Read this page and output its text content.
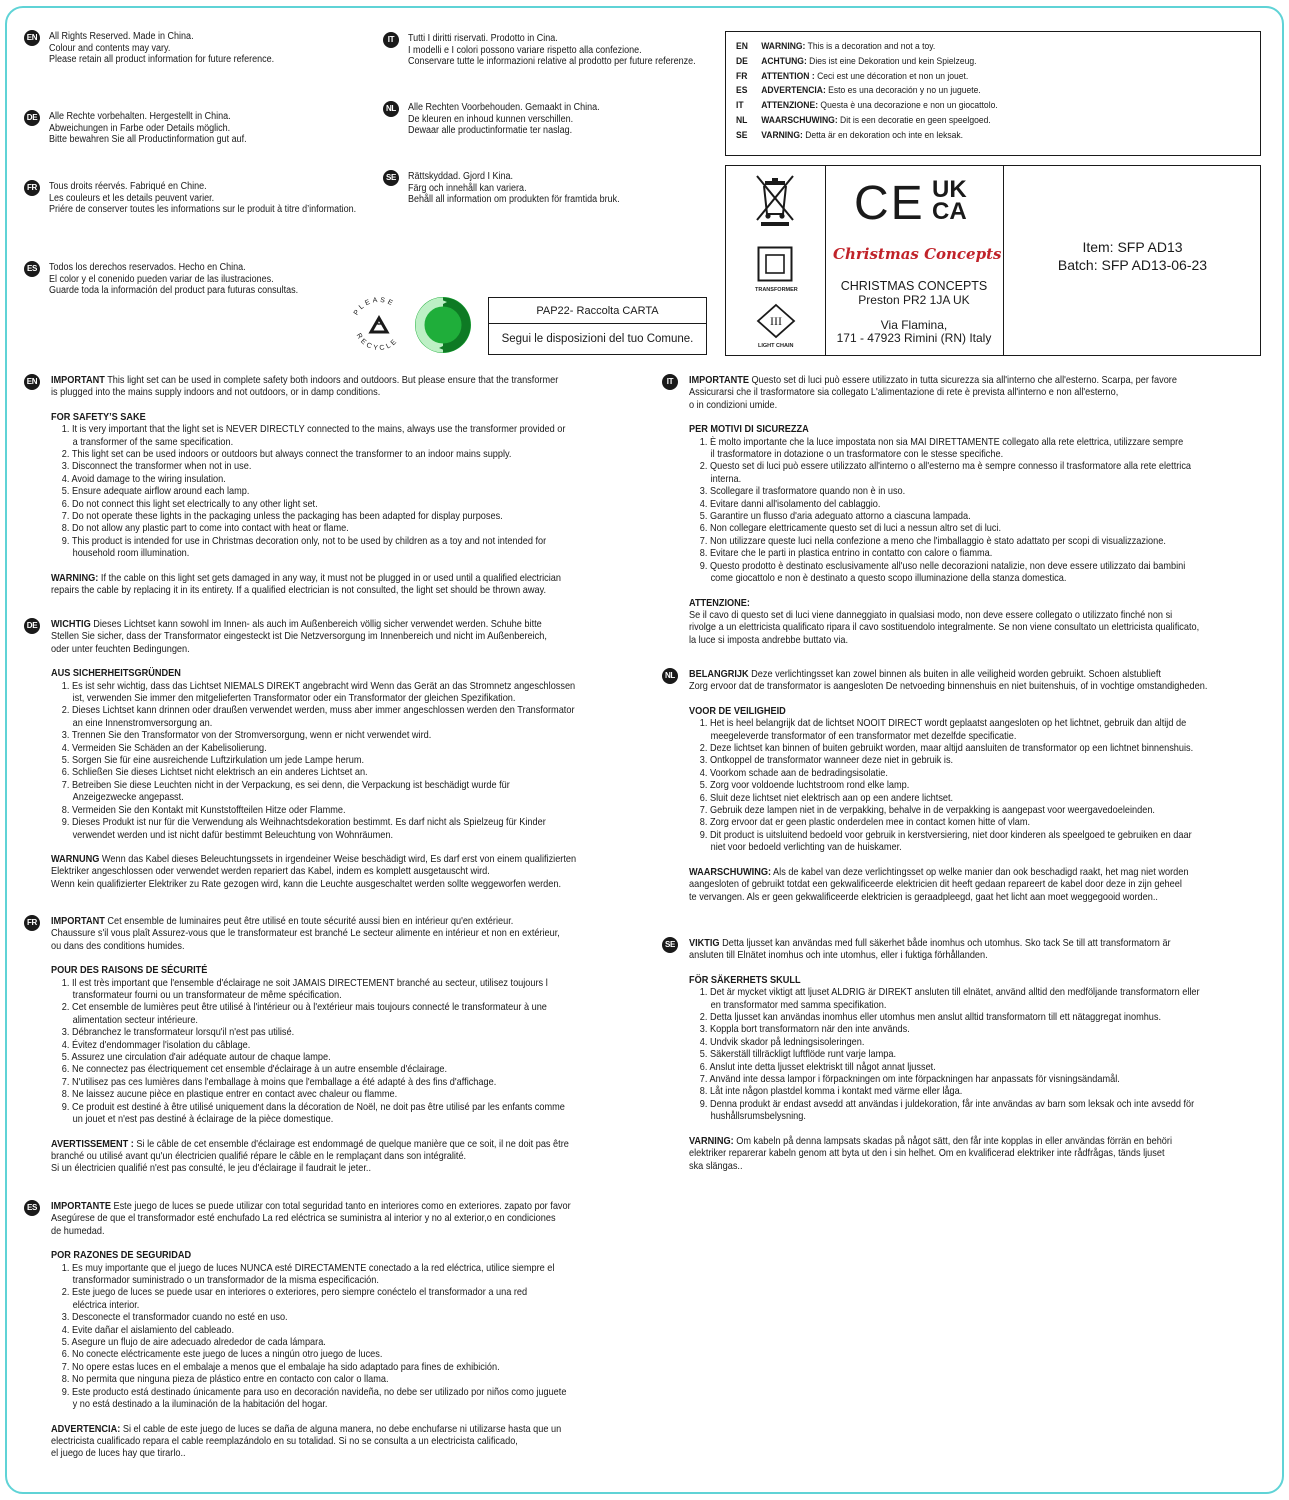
EN All Rights Reserved. Made in China.
Colour and contents may vary.
Please retain all product information for future reference.
DE Alle Rechte vorbehalten. Hergestellt in China.
Abweichungen in Farbe oder Details möglich.
Bitte bewahren Sie all Productinformation gut auf.
FR Tous droits réervés. Fabriqué en Chine.
Les couleurs et les details peuvent varier.
Priére de conserver toutes les informations sur le produit à titre d’information.
ES Todos los derechos reservados. Hecho en China.
El color y el conenido pueden variar de las ilustraciones.
Guarde toda la información del product para futuras consultas.
IT	Tutti I diritti riservati. Prodotto in Cina.
I modelli e I colori possono variare rispetto alla confezione.
Conservare tutte le informazioni relative al prodotto per future referenze.
NL Alle Rechten Voorbehouden. Gemaakt in China.
De kleuren en inhoud kunnen verschillen.
Dewaar alle productinformatie ter naslag.
SE Rättskyddad. Gjord I Kina.
Färg och innehåll kan variera.
Behåll all information om produkten för framtida bruk.
EN WARNING: This is a decoration and not a toy.
DE ACHTUNG: Dies ist eine Dekoration und kein Spielzeug.
FR ATTENTION : Ceci est une décoration et non un jouet.
ES ADVERTENCIA: Esto es una decoración y no un juguete.
IT ATTENZIONE: Questa è una decorazione e non un giocattolo.
NL WAARSCHUWING: Dit is een decoratie en geen speelgoed.
SE VARNING: Detta är en dekoration och inte en leksak.
♻
PLEASE
RECYCLE
PAP22- Raccolta CARTA
Segui le disposizioni del tuo Comune.
TRANSFORMER
III
LIGHT CHAIN
CE UK
CA
Christmas Concepts
CHRISTMAS CONCEPTS
Preston PR2 1JA UK
Via Flamina,
171 - 47923 Rimini (RN) Italy
Item: SFP AD13
Batch: SFP AD13-06-23
EN IMPORTANT This light set can be used in complete safety both indoors and outdoors. But please ensure that the transformer
is plugged into the mains supply indoors and not outdoors, or in damp conditions.
FOR SAFETY’S SAKE
1. It is very important that the light set is NEVER DIRECTLY connected to the mains, always use the transformer provided or
a transformer of the same specification.
2. This light set can be used indoors or outdoors but always connect the transformer to an indoor mains supply.
3. Disconnect the transformer when not in use.
4. Avoid damage to the wiring insulation.
5. Ensure adequate airflow around each lamp.
6. Do not connect this light set electrically to any other light set.
7. Do not operate these lights in the packaging unless the packaging has been adapted for display purposes.
8. Do not allow any plastic part to come into contact with heat or flame.
9. This product is intended for use in Christmas decoration only, not to be used by children as a toy and not intended for
household room illumination.
WARNING: If the cable on this light set gets damaged in any way, it must not be plugged in or used until a qualified electrician
repairs the cable by replacing it in its entirety. If a qualified electrician is not consulted, the light set should be thrown away.
DE WICHTIG Dieses Lichtset kann sowohl im Innen- als auch im Außenbereich völlig sicher verwendet werden. Schuhe bitte
Stellen Sie sicher, dass der Transformator eingesteckt ist Die Netzversorgung im Innenbereich und nicht im Außenbereich,
oder unter feuchten Bedingungen.
AUS SICHERHEITSGRÜNDEN
1. Es ist sehr wichtig, dass das Lichtset NIEMALS DIREKT angebracht wird Wenn das Gerät an das Stromnetz angeschlossen
ist, verwenden Sie immer den mitgelieferten Transformator oder ein Transformator der gleichen Spezifikation.
2. Dieses Lichtset kann drinnen oder draußen verwendet werden, muss aber immer angeschlossen werden den Transformator
an eine Innenstromversorgung an.
3. Trennen Sie den Transformator von der Stromversorgung, wenn er nicht verwendet wird.
4. Vermeiden Sie Schäden an der Kabelisolierung.
5. Sorgen Sie für eine ausreichende Luftzirkulation um jede Lampe herum.
6. Schließen Sie dieses Lichtset nicht elektrisch an ein anderes Lichtset an.
7. Betreiben Sie diese Leuchten nicht in der Verpackung, es sei denn, die Verpackung ist beschädigt wurde für
Anzeigezwecke angepasst.
8. Vermeiden Sie den Kontakt mit Kunststoffteilen Hitze oder Flamme.
9. Dieses Produkt ist nur für die Verwendung als Weihnachtsdekoration bestimmt. Es darf nicht als Spielzeug für Kinder
verwendet werden und ist nicht dafür bestimmt Beleuchtung von Wohnräumen.
WARNUNG Wenn das Kabel dieses Beleuchtungssets in irgendeiner Weise beschädigt wird, Es darf erst von einem qualifizierten
Elektriker angeschlossen oder verwendet werden repariert das Kabel, indem es komplett ausgetauscht wird.
Wenn kein qualifizierter Elektriker zu Rate gezogen wird, kann die Leuchte ausgeschaltet werden sollte weggeworfen werden.
FR IMPORTANT Cet ensemble de luminaires peut être utilisé en toute sécurité aussi bien en intérieur qu'en extérieur.
Chaussure s'il vous plaît Assurez-vous que le transformateur est branché Le secteur alimente en intérieur et non en extérieur,
ou dans des conditions humides.
POUR DES RAISONS DE SÉCURITÉ
1. Il est très important que l'ensemble d'éclairage ne soit JAMAIS DIRECTEMENT branché au secteur, utilisez toujours l
transformateur fourni ou un transformateur de même spécification.
2. Cet ensemble de lumières peut être utilisé à l'intérieur ou à l'extérieur mais toujours connecté le transformateur à une
alimentation secteur intérieure.
3. Débranchez le transformateur lorsqu'il n'est pas utilisé.
4. Évitez d'endommager l'isolation du câblage.
5. Assurez une circulation d'air adéquate autour de chaque lampe.
6. Ne connectez pas électriquement cet ensemble d'éclairage à un autre ensemble d'éclairage.
7. N'utilisez pas ces lumières dans l'emballage à moins que l'emballage a été adapté à des fins d'affichage.
8. Ne laissez aucune pièce en plastique entrer en contact avec chaleur ou flamme.
9. Ce produit est destiné à être utilisé uniquement dans la décoration de Noël, ne doit pas être utilisé par les enfants comme
un jouet et n'est pas destiné à éclairage de la pièce domestique.
AVERTISSEMENT : Si le câble de cet ensemble d'éclairage est endommagé de quelque manière que ce soit, il ne doit pas être
branché ou utilisé avant qu'un électricien qualifié répare le câble en le remplaçant dans son intégralité.
Si un électricien qualifié n'est pas consulté, le jeu d'éclairage il faudrait le jeter..
ES IMPORTANTE Este juego de luces se puede utilizar con total seguridad tanto en interiores como en exteriores. zapato por favor
Asegúrese de que el transformador esté enchufado La red eléctrica se suministra al interior y no al exterior,o en condiciones
de humedad.
POR RAZONES DE SEGURIDAD
1. Es muy importante que el juego de luces NUNCA esté DIRECTAMENTE conectado a la red eléctrica, utilice siempre el
transformador suministrado o un transformador de la misma especificación.
2. Este juego de luces se puede usar en interiores o exteriores, pero siempre conéctelo el transformador a una red
eléctrica interior.
3. Desconecte el transformador cuando no esté en uso.
4. Evite dañar el aislamiento del cableado.
5. Asegure un flujo de aire adecuado alrededor de cada lámpara.
6. No conecte eléctricamente este juego de luces a ningún otro juego de luces.
7. No opere estas luces en el embalaje a menos que el embalaje ha sido adaptado para fines de exhibición.
8. No permita que ninguna pieza de plástico entre en contacto con calor o llama.
9. Este producto está destinado únicamente para uso en decoración navideña, no debe ser utilizado por niños como juguete
y no está destinado a la iluminación de la habitación del hogar.
ADVERTENCIA: Si el cable de este juego de luces se daña de alguna manera, no debe enchufarse ni utilizarse hasta que un
electricista cualificado repara el cable reemplazándolo en su totalidad. Si no se consulta a un electricista calificado,
el juego de luces hay que tirarlo..
IT	IMPORTANTE Questo set di luci può essere utilizzato in tutta sicurezza sia all'interno che all'esterno. Scarpa, per favore
Assicurarsi che il trasformatore sia collegato L'alimentazione di rete è prevista all'interno e non all'esterno,
o in condizioni umide.
PER MOTIVI DI SICUREZZA
1. È molto importante che la luce impostata non sia MAI DIRETTAMENTE collegato alla rete elettrica, utilizzare sempre
il trasformatore in dotazione o un trasformatore con le stesse specifiche.
2. Questo set di luci può essere utilizzato all'interno o all'esterno ma è sempre connesso il trasformatore alla rete elettrica
interna.
3. Scollegare il trasformatore quando non è in uso.
4. Evitare danni all'isolamento del cablaggio.
5. Garantire un flusso d'aria adeguato attorno a ciascuna lampada.
6. Non collegare elettricamente questo set di luci a nessun altro set di luci.
7. Non utilizzare queste luci nella confezione a meno che l'imballaggio è stato adattato per scopi di visualizzazione.
8. Evitare che le parti in plastica entrino in contatto con calore o fiamma.
9. Questo prodotto è destinato esclusivamente all'uso nelle decorazioni natalizie, non deve essere utilizzato dai bambini
come giocattolo e non è destinato a questo scopo illuminazione della stanza domestica.
ATTENZIONE:
Se il cavo di questo set di luci viene danneggiato in qualsiasi modo, non deve essere collegato o utilizzato finché non si
rivolge a un elettricista qualificato ripara il cavo sostituendolo integralmente. Se non viene consultato un elettricista qualificato,
la luce si imposta andrebbe buttato via.
NL BELANGRIJK Deze verlichtingsset kan zowel binnen als buiten in alle veiligheid worden gebruikt. Schoen alstublieft
Zorg ervoor dat de transformator is aangesloten De netvoeding binnenshuis en niet buitenshuis, of in vochtige omstandigheden.
VOOR DE VEILIGHEID
1. Het is heel belangrijk dat de lichtset NOOIT DIRECT wordt geplaatst aangesloten op het lichtnet, gebruik dan altijd de
meegeleverde transformator of een transformator met dezelfde specificatie.
2. Deze lichtset kan binnen of buiten gebruikt worden, maar altijd aansluiten de transformator op een lichtnet binnenshuis.
3. Ontkoppel de transformator wanneer deze niet in gebruik is.
4. Voorkom schade aan de bedradingsisolatie.
5. Zorg voor voldoende luchtstroom rond elke lamp.
6. Sluit deze lichtset niet elektrisch aan op een andere lichtset.
7. Gebruik deze lampen niet in de verpakking, behalve in de verpakking is aangepast voor weergavedoeleinden.
8. Zorg ervoor dat er geen plastic onderdelen mee in contact komen hitte of vlam.
9. Dit product is uitsluitend bedoeld voor gebruik in kerstversiering, niet door kinderen als speelgoed te gebruiken en daar
niet voor bedoeld verlichting van de huiskamer.
WAARSCHUWING: Als de kabel van deze verlichtingsset op welke manier dan ook beschadigd raakt, het mag niet worden
aangesloten of gebruikt totdat een gekwalificeerde elektricien dit heeft gedaan repareert de kabel door deze in zijn geheel
te vervangen. Als er geen gekwalificeerde elektricien is geraadpleegd, gaat het licht aan moet weggegooid worden..
SE VIKTIG Detta ljusset kan användas med full säkerhet både inomhus och utomhus. Sko tack Se till att transformatorn är
ansluten till Elnätet inomhus och inte utomhus, eller i fuktiga förhållanden.
FÖR SÄKERHETS SKULL
1. Det är mycket viktigt att ljuset ALDRIG är DIREKT ansluten till elnätet, använd alltid den medföljande transformatorn eller
en transformator med samma specifikation.
2. Detta ljusset kan användas inomhus eller utomhus men anslut alltid transformatorn till ett nätaggregat inomhus.
3. Koppla bort transformatorn när den inte används.
4. Undvik skador på ledningsisoleringen.
5. Säkerställ tillräckligt luftflöde runt varje lampa.
6. Anslut inte detta ljusset elektriskt till något annat ljusset.
7. Använd inte dessa lampor i förpackningen om inte förpackningen har anpassats för visningsändamål.
8. Låt inte någon plastdel komma i kontakt med värme eller låga.
9. Denna produkt är endast avsedd att användas i juldekoration, får inte användas av barn som leksak och inte avsedd för
hushållsrumsbelysning.
VARNING: Om kabeln på denna lampsats skadas på något sätt, den får inte kopplas in eller användas förrän en behöri
elektriker reparerar kabeln genom att byta ut den i sin helhet. Om en kvalificerad elektriker inte rådfrågas, tänds ljuset
ska slängas..
